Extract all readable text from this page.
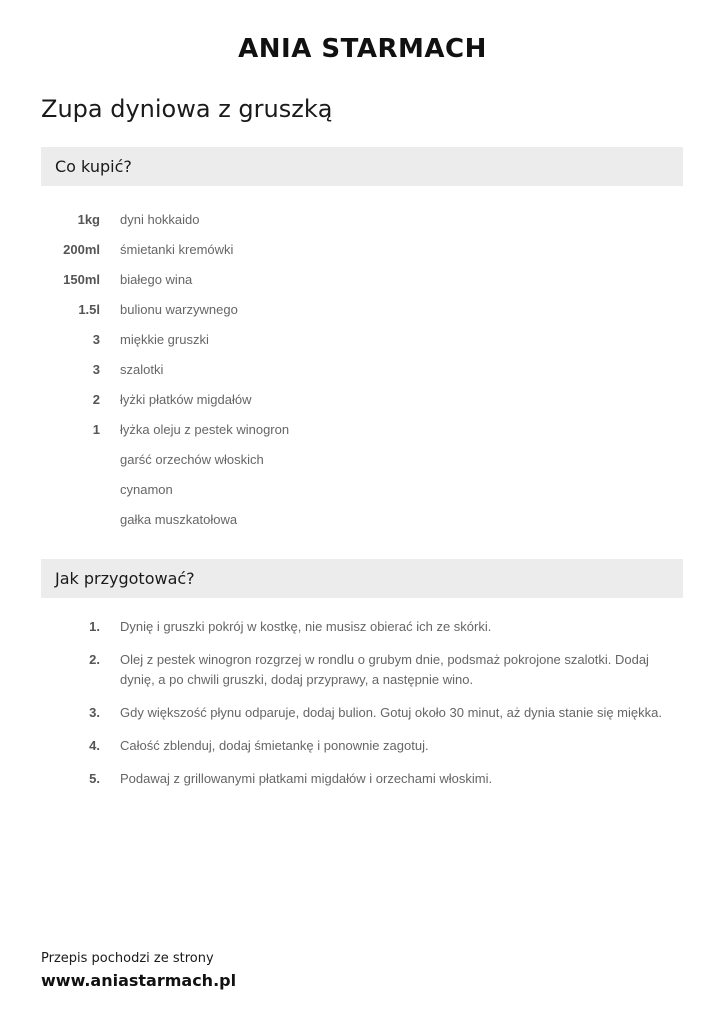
ANIA STARMACH
Zupa dyniowa z gruszką
Co kupić?
1kg dyni hokkaido
200ml śmietanki kremówki
150ml białego wina
1.5l bulionu warzywnego
3 miękkie gruszki
3 szalotki
2 łyżki płatków migdałów
1 łyżka oleju z pestek winogron
garść orzechów włoskich
cynamon
gałka muszkatołowa
Jak przygotować?
1. Dynię i gruszki pokrój w kostkę, nie musisz obierać ich ze skórki.
2. Olej z pestek winogron rozgrzej w rondlu o grubym dnie, podsmaż pokrojone szalotki. Dodaj dynię, a po chwili gruszki, dodaj przyprawy, a następnie wino.
3. Gdy większość płynu odparuje, dodaj bulion. Gotuj około 30 minut, aż dynia stanie się miękka.
4. Całość zblenduj, dodaj śmietankę i ponownie zagotuj.
5. Podawaj z grillowanymi płatkami migdałów i orzechami włoskimi.
Przepis pochodzi ze strony
www.aniastarmach.pl
